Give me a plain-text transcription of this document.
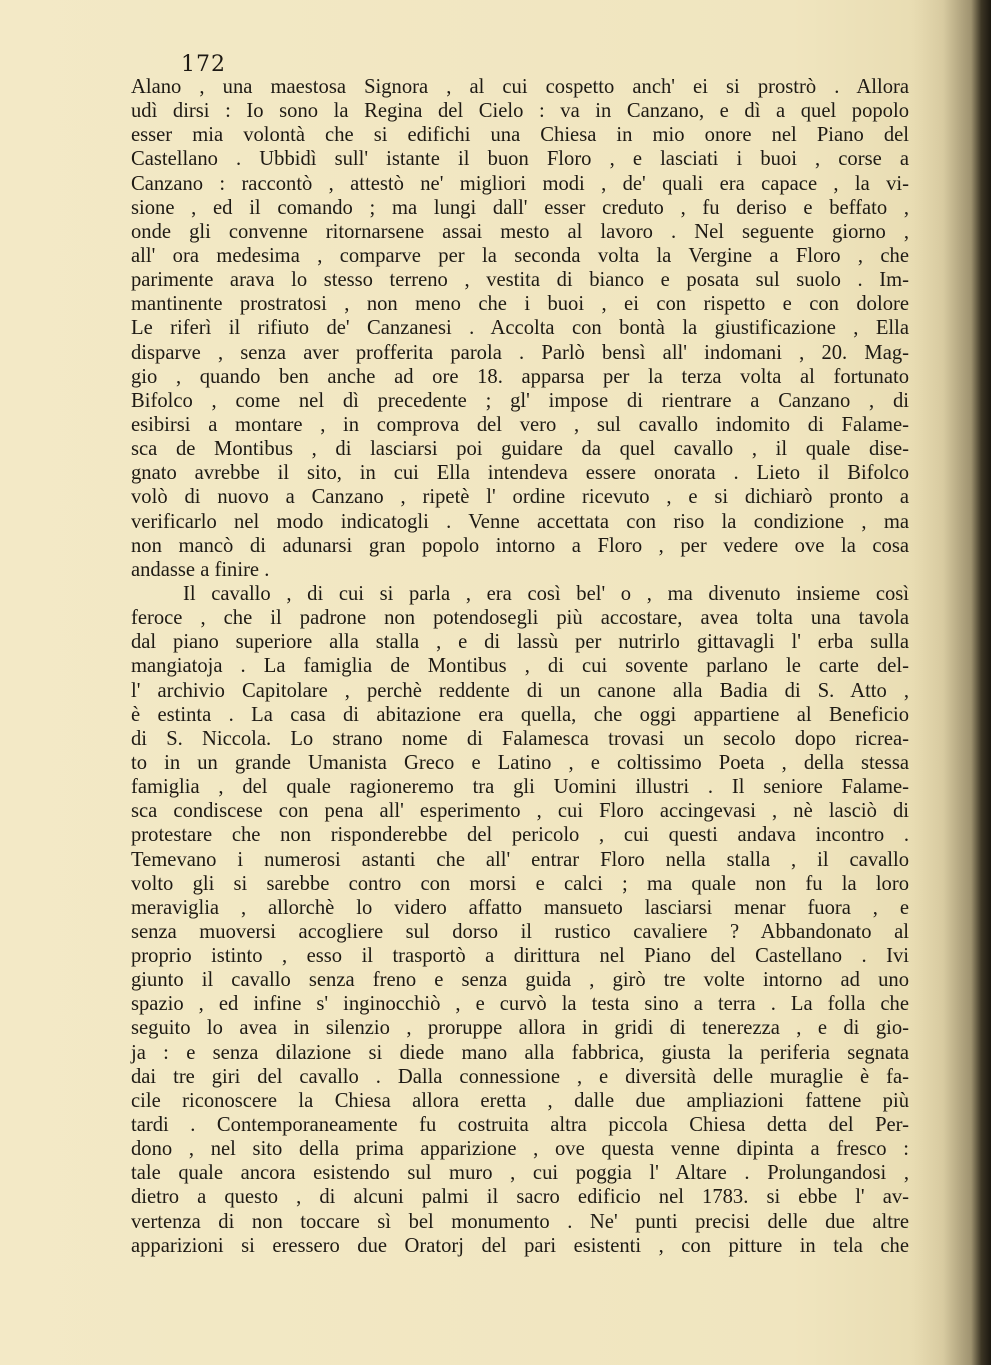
172
Alano , una maestosa Signora , al cui cospetto anch' ei si prostrò . Allora
udì dirsi : Io sono la Regina del Cielo : va in Canzano, e dì a quel popolo
esser mia volontà che si edifichi una Chiesa in mio onore nel Piano del
Castellano . Ubbidì sull' istante il buon Floro , e lasciati i buoi , corse a
Canzano : raccontò , attestò ne' migliori modi , de' quali era capace , la vi-
sione , ed il comando ; ma lungi dall' esser creduto , fu deriso e beffato ,
onde gli convenne ritornarsene assai mesto al lavoro . Nel seguente giorno ,
all' ora medesima , comparve per la seconda volta la Vergine a Floro , che
parimente arava lo stesso terreno , vestita di bianco e posata sul suolo . Im-
mantinente prostratosi , non meno che i buoi , ei con rispetto e con dolore
Le riferì il rifiuto de' Canzanesi . Accolta con bontà la giustificazione , Ella
disparve , senza aver profferita parola . Parlò bensì all' indomani , 20. Mag-
gio , quando ben anche ad ore 18. apparsa per la terza volta al fortunato
Bifolco , come nel dì precedente ; gl' impose di rientrare a Canzano , di
esibirsi a montare , in comprova del vero , sul cavallo indomito di Falame-
sca de Montibus , di lasciarsi poi guidare da quel cavallo , il quale dise-
gnato avrebbe il sito, in cui Ella intendeva essere onorata . Lieto il Bifolco
volò di nuovo a Canzano , ripetè l' ordine ricevuto , e si dichiarò pronto a
verificarlo nel modo indicatogli . Venne accettata con riso la condizione , ma
non mancò di adunarsi gran popolo intorno a Floro , per vedere ove la cosa
andasse a finire .
Il cavallo , di cui si parla , era così bel' o , ma divenuto insieme così
feroce , che il padrone non potendosegli più accostare, avea tolta una tavola
dal piano superiore alla stalla , e di lassù per nutrirlo gittavagli l' erba sulla
mangiatoja . La famiglia de Montibus , di cui sovente parlano le carte del-
l' archivio Capitolare , perchè reddente di un canone alla Badia di S. Atto ,
è estinta . La casa di abitazione era quella, che oggi appartiene al Beneficio
di S. Niccola. Lo strano nome di Falamesca trovasi un secolo dopo ricrea-
to in un grande Umanista Greco e Latino , e coltissimo Poeta , della stessa
famiglia , del quale ragioneremo tra gli Uomini illustri . Il seniore Falame-
sca condiscese con pena all' esperimento , cui Floro accingevasi , nè lasciò di
protestare che non risponderebbe del pericolo , cui questi andava incontro .
Temevano i numerosi astanti che all' entrar Floro nella stalla , il cavallo
volto gli si sarebbe contro con morsi e calci ; ma quale non fu la loro
meraviglia , allorchè lo videro affatto mansueto lasciarsi menar fuora , e
senza muoversi accogliere sul dorso il rustico cavaliere ? Abbandonato al
proprio istinto , esso il trasportò a dirittura nel Piano del Castellano . Ivi
giunto il cavallo senza freno e senza guida , girò tre volte intorno ad uno
spazio , ed infine s' inginocchiò , e curvò la testa sino a terra . La folla che
seguito lo avea in silenzio , proruppe allora in gridi di tenerezza , e di gio-
ja : e senza dilazione si diede mano alla fabbrica, giusta la periferia segnata
dai tre giri del cavallo . Dalla connessione , e diversità delle muraglie è fa-
cile riconoscere la Chiesa allora eretta , dalle due ampliazioni fattene più
tardi . Contemporaneamente fu costruita altra piccola Chiesa detta del Per-
dono , nel sito della prima apparizione , ove questa venne dipinta a fresco :
tale quale ancora esistendo sul muro , cui poggia l' Altare . Prolungandosi ,
dietro a questo , di alcuni palmi il sacro edificio nel 1783. si ebbe l' av-
vertenza di non toccare sì bel monumento . Ne' punti precisi delle due altre
apparizioni si eressero due Oratorj del pari esistenti , con pitture in tela che
